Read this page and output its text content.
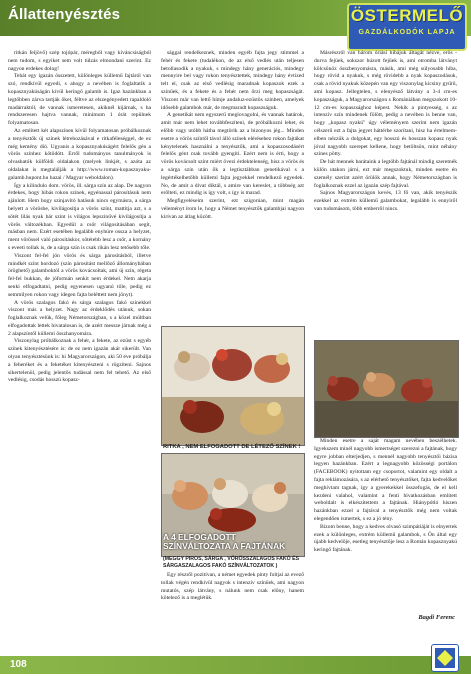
Állattenyésztés	ÖSTERMELŐ
GAZDÁLKODÓK LAPJA

ritkán feljövő) szép tojópár, méregből vagy kiváncsiságból nem tudom, s egyiket sem volt túlzás elmondani szerint. Ez nagyon erdekes dolog!

Tehát egy igazán összetett, különleges küllemű fajtáról van szó, rendkívül egyedi, s ahogy a nevében is foglaltatik a kopasznyakúságán kívül keringő galamb is. Igaz hazánkban a legtöbben zárva tartják őket, féltve az elszegényedett rapaldoló madárraktól, de vannak ismeretesen, akiknél kijárnak, s ha rendszeresen hajtva vannak, minimum 1 órát repülnek folyamatosan.

Az említett két alapszínen kívül folyamatosan próbálkoznak a tenyésztők új színek létrehozásával e ritkaféleséggel, de ez még kemény dió. Ugyanis a kopasznyakúságért felelős gén a vörös színhez kötődött. Erről tudományos tanulmányok is olvashatók külföldi oldalakon (melyek linkjét, s azóta az oldalakat is megtalálják a http://www.roman-kopasznyaku-galamb.hupont.hu hazai / Magyar weboldalon).

Így a kilindulo dom. vörös, ill. sárga szín az alap. De nagyon érdekes, hogy hibás rokon színek, egyénassal párosításuk nem ajánlott. Hem hogy szinjavító hatásuk nincs egymásra, a sárga helyett a vörösbe, kivilágosítja a vörös színt, mattítja azt, s a sötét lilás nyak bár színt is világos lepszínűvé kivilágosítja a vörös változékban. Egyedül a csőr világosításában segít, másban nem. Ezért esetében legalább enyhúre ossza a helyzet, ment vörössel való párosításkor, sötétebb lesz a csőr, a kornány s eveeti tollak is, de a sárga szín is csak rikán lesz tetősebb tőle.

Viszont fel-fel jön vörös és sárga párosításból, illetve mindkét színt hordozó (szín párosítást mellőző állománybában öröghető) galamboktól a vörös kovácsoltak, ami új szín, régeta fel-fel bukkan, de jóformán senkit nem érdekel. Nem akarja senki elfogadtatni, pedig egyenesen ugyanú tőle, pedig ez semmilyen rokon vagy idegen fajta beléttett nem jönyt).

A vörös szalagos fakó és sárga szalagos fakó színekkel viszont más a helyzet. Nagy az érdeklődés utánuk, sokan foglalkoznak velük, főleg Németországban, s a közel múltban elfogadottak lettek hivatalosan is, de azért messze járnak még a 2 alapszíntől küllemi összhanyomára.

Viszonylag próbálkoznak a fehér, a fekete, az ezüst s egyéb színek kitenyésztésére is: de ez nem igazán akár sikerült. Van olyan tenyésztésünk is: hi Magyarországon, aki 50 éve próbálja a feheréket és a feketéket kitenyészteni s rögzíteni. Sajnos sikertelenül, pedig jelentős tudással nem fel tehető. Az első vedlésig, csodás hosszú kopasz-

sággal rendelkeznek, minden egyéb fajta jegy stimmel a fehér és fekete (tudalékon, de az első vedlés után teljesen betollasodik a nyakuk, s mindegy hány generációs, mindegy mennyire bel vagy rokon tenyésztettek, mindegy hány évtized telt el, csak az első vedlésig maradnak kopaszok ezek a színűek, és a fekete és a fehér nem őrzi meg kopaszságát. Viszont már van lettő hímje andaluz-ezüstös színben, amelyek idősebb galambok már, de megmaradt kopaszságuk.

A genetikát nem egyszerű meglovagolni, és vannak határok, amit már nem lehet továbbfeszíteni, de próbálkozni lehet, és előbb vagy utóbb hátha megtörik az a bizonyos jég... Minden esetre a vörös színtől távol álló színek elérésehez rokon fajtákat kénytelenek használni a tenyésztők, ami a kopaszosodásért felelős gént csak tovább gyengíti. Ezért nem is érti, hogy a vörös kovácsolt színt miért övezi érdektelenség, hisz a vörös és a sárga szín után ők a legtisztábban genetikával s a legértékelhetőbb küllemi fajta jegyekkel rendelkező egyedek. No, de amit a divat diktál, s amire van kereslet, a többség azt erőlteti, ez mindig is így volt, s így is marad.

Megfigyeléseim szerint, ezt szigorúan, mint magán véleményt írom le, hogy a Német tenyésztők galambjai nagyon kirívan az átlag között.

RITKA , NEM ELFOGADOTT DE LÉTEZŐ SZÍNEK !
A 4 ELFOGADOTT SZÍNVÁLTOZATA A FAJTÁNAK
(MEGGY PIROS, SÁRGA , VÖRÖSSZALAGOS FAKÓ ÉS SÁRGASZALAGOS FAKÓ SZÍNVÁLTOZATOK )

Egy részről pozitívan, a német egyedek pinty foltjai az evező tollak végén rendkívül nagyok s intenzív színűek, ami nagyon mutatós, szép látvány, s nálunk nem csak előny, hanem kötelező is a meglétük.

Másrészről van három óriási hibájuk áltagát nézve, erős - durva fejüek, sokszor húzott fejűek is, ami otromba látványt kölcsönöz összbenyomásra, másik, ami még súlyosabb hiba, hogy rövid a nyakuk, s még rövidebb a nyak kopaszodásuk, csak a rövid nyakuk közepén van egy viszonylag kicsiny gyűrű, ami kopasz. Jellegtelen, s elenyésző látvány a 3-4 cm-es kopaszságuk, a Magyarországon s Romániában megszokott 10-12 cm-es kopaszsághoz képest. Nekik a pintyesség, s az intenzív szín mindenek fölött, pedig a nevében is benne van, hogy „kopasz nyakú" úgy véleményem szerint nem igazán célszerű ezt a fajta jegyet háttérbe szorítani, hisz ha értelmemelben nézzük a dolgokat, egy hosszú és hosszan kopasz nyak jóval nagyobb szerepet kellene, hogy betöltsön, mint néhány színes pötty.

De hát mennek barátaink a legtöbb fajtánál mindig szeretnék külön utakon járni, ezt már megszoktuk, minden esetre én személy szerint azért örülök annak, hogy Németországban is foglalkoznak ezzel az igazán szép fajtával.

Sajnos Magyarországon kevés, 13 fő van, akik tenyészik ezekkel az extrém küllemű galambokat, legalább is ennyiről van tudomásom, több emberről nincs.

Minden esetre a saját magam nevében beszélhetek. Igyekszem minél nagyobb ismertséget szerezni a fajtának, hogy egyre jobban elterjedjen, s mennél nagyobb tenyésztői bázisa legyen hazánkban. Ezért a legnagyobb közösségi portálon (FACEBOOK) nyitottam egy csoportot, valamint egy oldalt a fajta reklámozására, s az elérhető tenyésztőket, fajta kedvelőket meghívtam tagnak, így a gyerekekkel összefogás, de el kell kezdeni valahol, valamint a fenti hivatkozásban említett weboldalt is elkészítettem a fajtának. Hiánypótló hiszen hazánkban ezzel a fajtával a tenyésztők még nem voltak elegendően ismertek, s ez a jó tény.

Bízom benne, hogy a kedves olvasó szimpátiáját is elnyertek ezek a különleges, extrém küllemű galambok, s Ön által egy újabb kedvelője, esetleg tenyésztője lesz a Román kopasznyakú keringő fajtának.

Bagdi Ferenc
108
